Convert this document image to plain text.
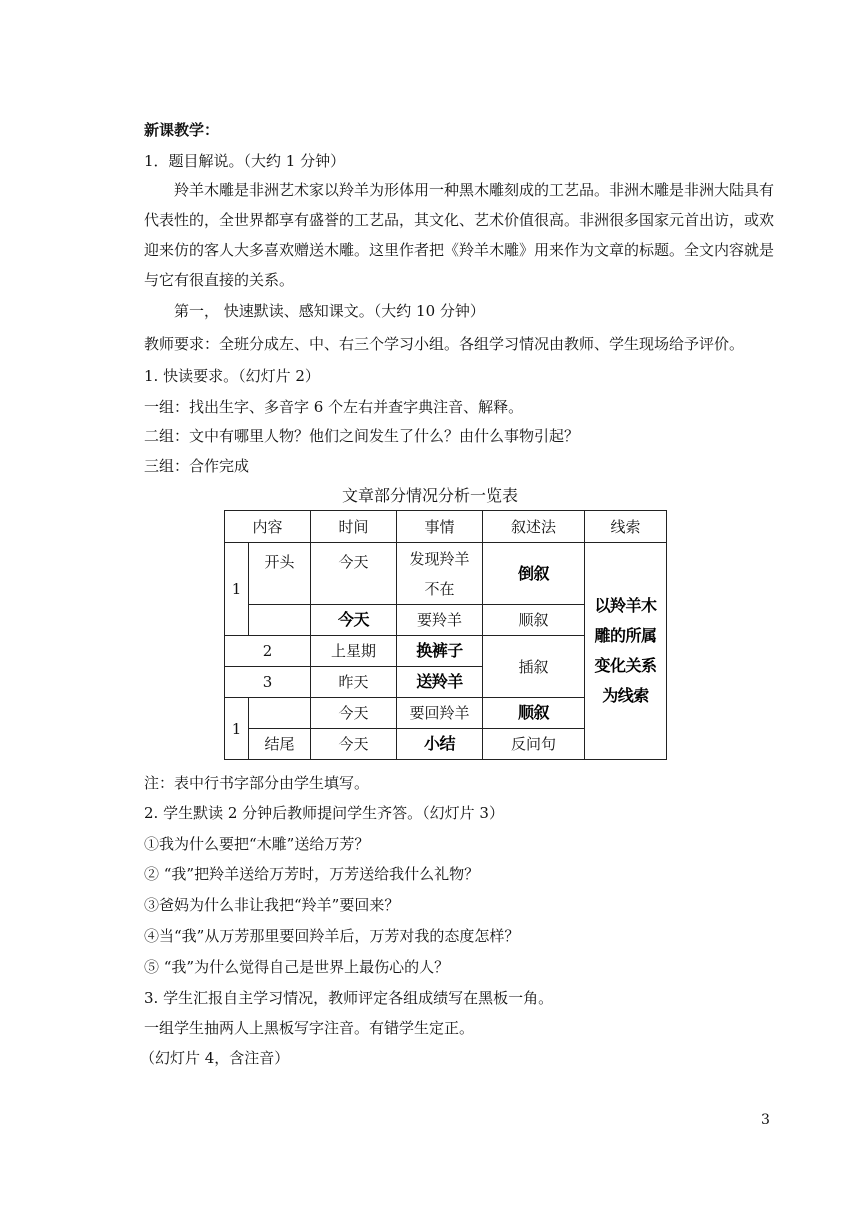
新课教学：
1．题目解说。（大约 1 分钟）
羚羊木雕是非洲艺术家以羚羊为形体用一种黑木雕刻成的工艺品。非洲木雕是非洲大陆具有代表性的，全世界都享有盛誉的工艺品，其文化、艺术价值很高。非洲很多国家元首出访，或欢迎来仿的客人大多喜欢赠送木雕。这里作者把《羚羊木雕》用来作为文章的标题。全文内容就是与它有很直接的关系。
第一， 快速默读、感知课文。（大约 10 分钟）
教师要求：全班分成左、中、右三个学习小组。各组学习情况由教师、学生现场给予评价。
1. 快读要求。（幻灯片 2）
一组：找出生字、多音字 6 个左右并查字典注音、解释。
二组：文中有哪里人物？他们之间发生了什么？由什么事物引起？
三组：合作完成
文章部分情况分析一览表
内容		时间	事情	叙述法	线索
1	开头	今天	发现羚羊不在	倒叙	以羚羊木雕的所属变化关系为线索
		今天	要羚羊	顺叙	
2		上星期	换裤子	插叙	
3		昨天	送羚羊		
1		今天	要回羚羊	顺叙	
	结尾	今天	小结	反问句	
注：表中行书字部分由学生填写。
2. 学生默读 2 分钟后教师提问学生齐答。（幻灯片 3）
①我为什么要把“木雕”送给万芳？
② “我”把羚羊送给万芳时，万芳送给我什么礼物？
③爸妈为什么非让我把“羚羊”要回来？
④当“我”从万芳那里要回羚羊后，万芳对我的态度怎样？
⑤ “我”为什么觉得自己是世界上最伤心的人？
3. 学生汇报自主学习情况，教师评定各组成绩写在黑板一角。
一组学生抽两人上黑板写字注音。有错学生定正。
（幻灯片 4，含注音）
3
